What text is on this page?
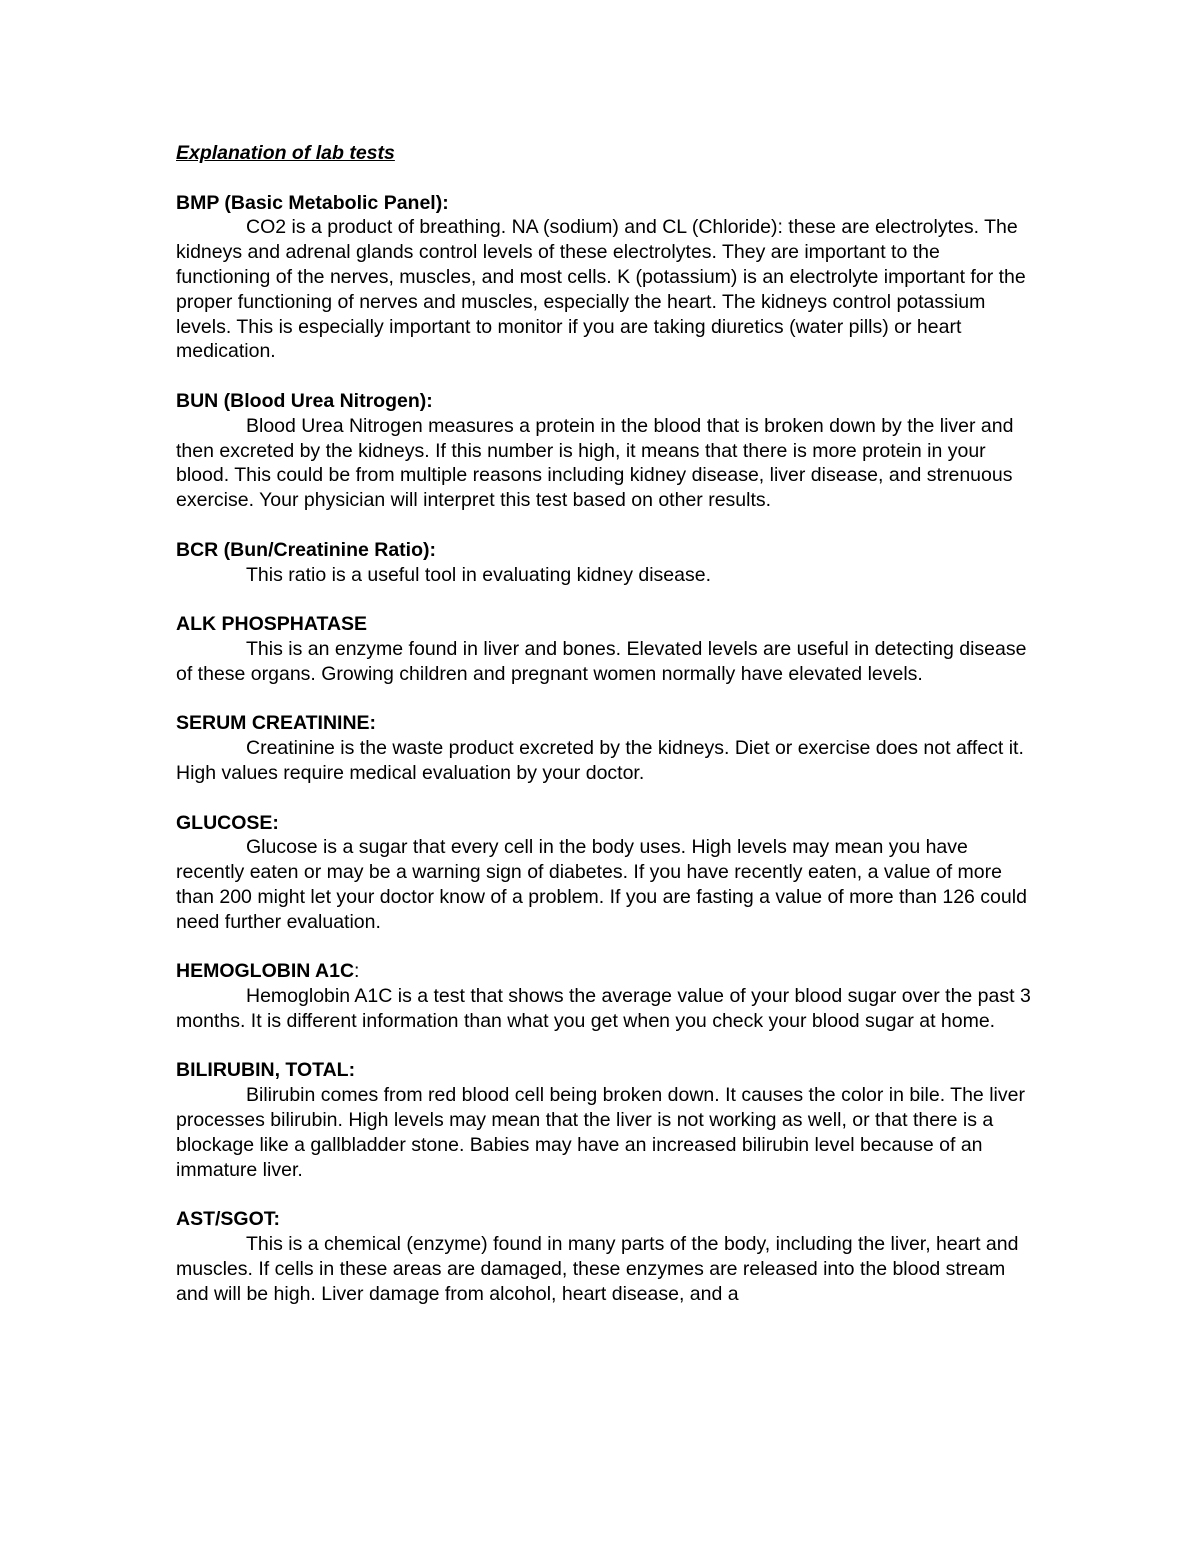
Explanation of lab tests

BMP (Basic Metabolic Panel):

CO2 is a product of breathing. NA (sodium) and CL (Chloride): these are electrolytes. The kidneys and adrenal glands control levels of these electrolytes. They are important to the functioning of the nerves, muscles, and most cells. K (potassium) is an electrolyte important for the proper functioning of nerves and muscles, especially the heart. The kidneys control potassium levels. This is especially important to monitor if you are taking diuretics (water pills) or heart medication.

BUN (Blood Urea Nitrogen):

Blood Urea Nitrogen measures a protein in the blood that is broken down by the liver and then excreted by the kidneys. If this number is high, it means that there is more protein in your blood. This could be from multiple reasons including kidney disease, liver disease, and strenuous exercise. Your physician will interpret this test based on other results.

BCR (Bun/Creatinine Ratio):

This ratio is a useful tool in evaluating kidney disease.

ALK PHOSPHATASE

This is an enzyme found in liver and bones. Elevated levels are useful in detecting disease of these organs. Growing children and pregnant women normally have elevated levels.

SERUM CREATININE:

Creatinine is the waste product excreted by the kidneys. Diet or exercise does not affect it. High values require medical evaluation by your doctor.

GLUCOSE:

Glucose is a sugar that every cell in the body uses. High levels may mean you have recently eaten or may be a warning sign of diabetes. If you have recently eaten, a value of more than 200 might let your doctor know of a problem. If you are fasting a value of more than 126 could need further evaluation.

HEMOGLOBIN A1C:

Hemoglobin A1C is a test that shows the average value of your blood sugar over the past 3 months. It is different information than what you get when you check your blood sugar at home.

BILIRUBIN, TOTAL:

Bilirubin comes from red blood cell being broken down. It causes the color in bile. The liver processes bilirubin. High levels may mean that the liver is not working as well, or that there is a blockage like a gallbladder stone. Babies may have an increased bilirubin level because of an immature liver.

AST/SGOT:

This is a chemical (enzyme) found in many parts of the body, including the liver, heart and muscles. If cells in these areas are damaged, these enzymes are released into the blood stream and will be high. Liver damage from alcohol, heart disease, and a
